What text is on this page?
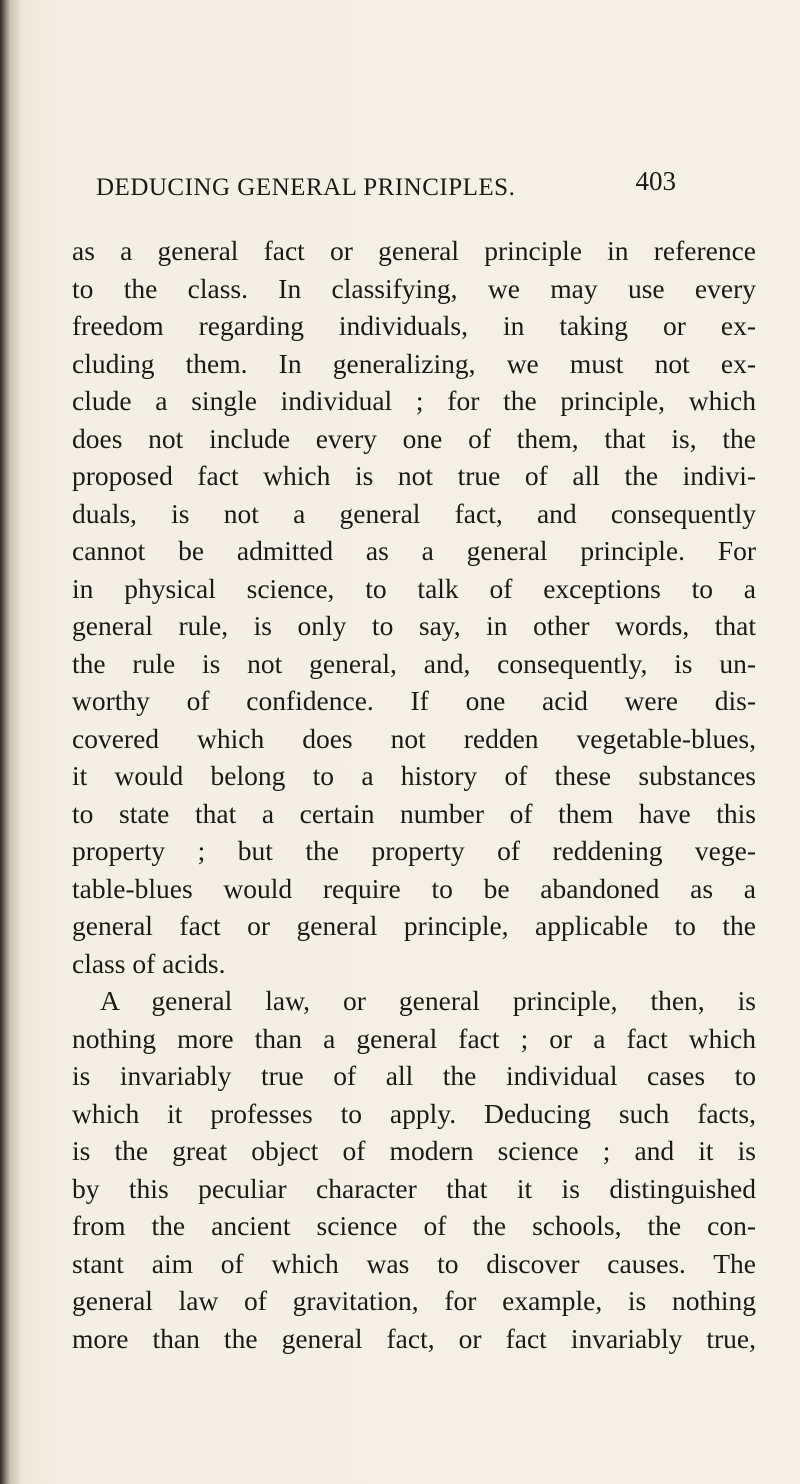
DEDUCING GENERAL PRINCIPLES.	403
as a general fact or general principle in reference
to the class. In classifying, we may use every
freedom regarding individuals, in taking or ex-
cluding them. In generalizing, we must not ex-
clude a single individual ; for the principle, which
does not include every one of them, that is, the
proposed fact which is not true of all the indivi-
duals, is not a general fact, and consequently
cannot be admitted as a general principle. For
in physical science, to talk of exceptions to a
general rule, is only to say, in other words, that
the rule is not general, and, consequently, is un-
worthy of confidence. If one acid were dis-
covered which does not redden vegetable-blues,
it would belong to a history of these substances
to state that a certain number of them have this
property ; but the property of reddening vege-
table-blues would require to be abandoned as a
general fact or general principle, applicable to the
class of acids.
A general law, or general principle, then, is
nothing more than a general fact ; or a fact which
is invariably true of all the individual cases to
which it professes to apply. Deducing such facts,
is the great object of modern science ; and it is
by this peculiar character that it is distinguished
from the ancient science of the schools, the con-
stant aim of which was to discover causes. The
general law of gravitation, for example, is nothing
more than the general fact, or fact invariably true,
